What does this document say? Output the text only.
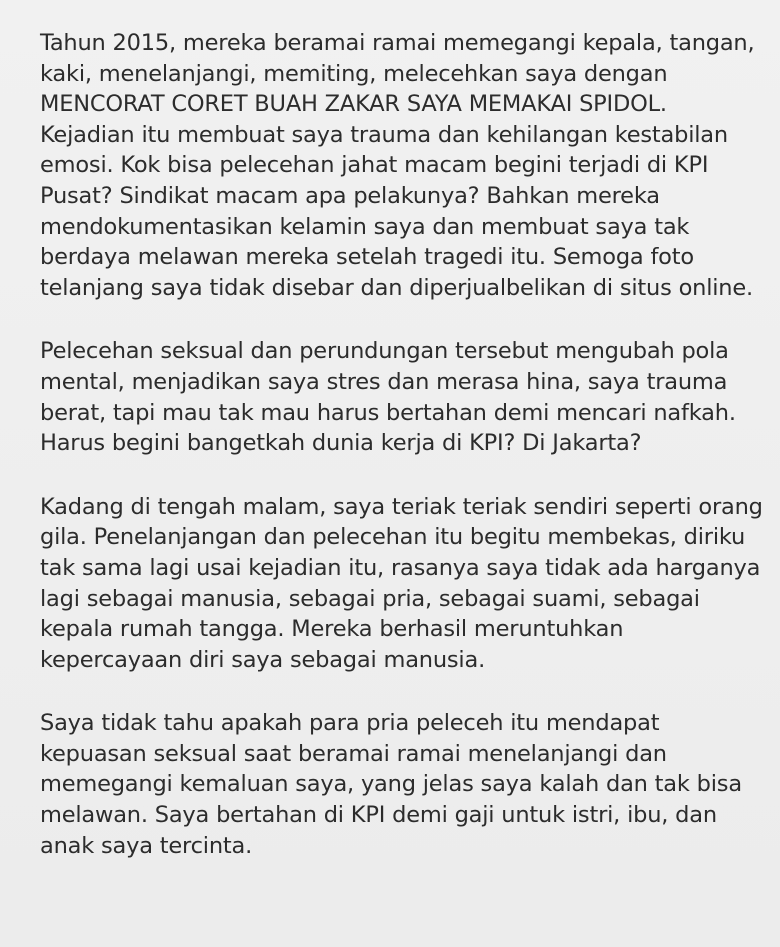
Tahun 2015, mereka beramai ramai memegangi kepala, tangan,
kaki, menelanjangi, memiting, melecehkan saya dengan
MENCORAT CORET BUAH ZAKAR SAYA MEMAKAI SPIDOL.
Kejadian itu membuat saya trauma dan kehilangan kestabilan
emosi. Kok bisa pelecehan jahat macam begini terjadi di KPI
Pusat? Sindikat macam apa pelakunya? Bahkan mereka
mendokumentasikan kelamin saya dan membuat saya tak
berdaya melawan mereka setelah tragedi itu. Semoga foto
telanjang saya tidak disebar dan diperjualbelikan di situs online.
Pelecehan seksual dan perundungan tersebut mengubah pola
mental, menjadikan saya stres dan merasa hina, saya trauma
berat, tapi mau tak mau harus bertahan demi mencari nafkah.
Harus begini bangetkah dunia kerja di KPI? Di Jakarta?
Kadang di tengah malam, saya teriak teriak sendiri seperti orang
gila. Penelanjangan dan pelecehan itu begitu membekas, diriku
tak sama lagi usai kejadian itu, rasanya saya tidak ada harganya
lagi sebagai manusia, sebagai pria, sebagai suami, sebagai
kepala rumah tangga. Mereka berhasil meruntuhkan
kepercayaan diri saya sebagai manusia.
Saya tidak tahu apakah para pria peleceh itu mendapat
kepuasan seksual saat beramai ramai menelanjangi dan
memegangi kemaluan saya, yang jelas saya kalah dan tak bisa
melawan. Saya bertahan di KPI demi gaji untuk istri, ibu, dan
anak saya tercinta.
